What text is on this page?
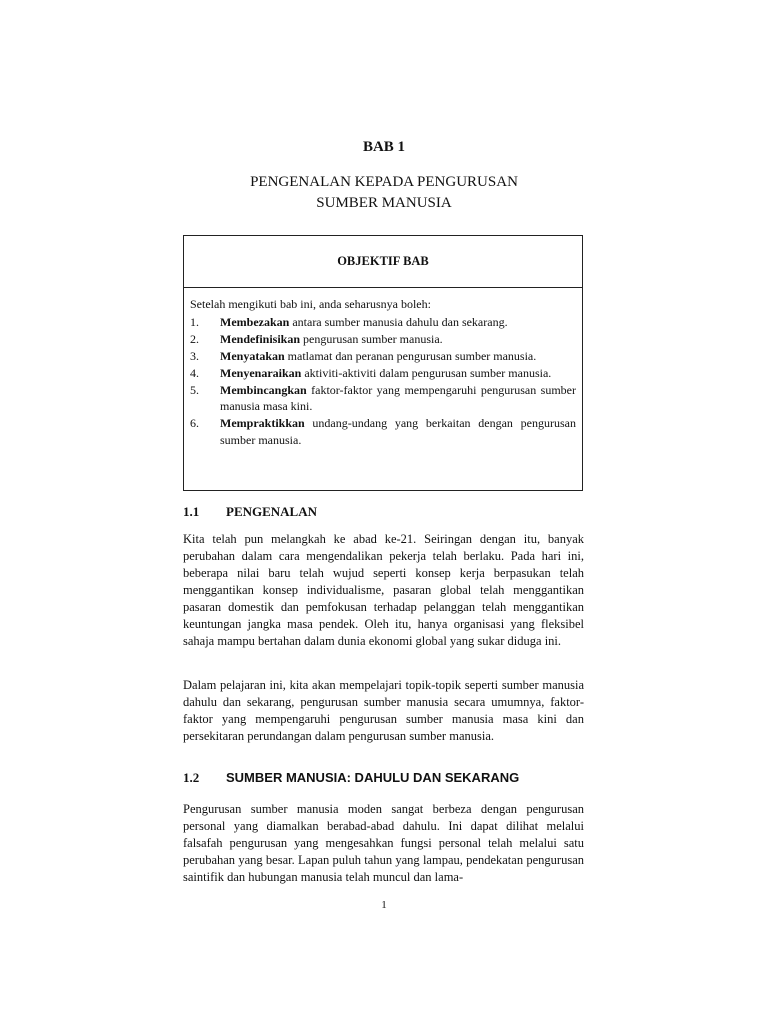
BAB 1
PENGENALAN KEPADA PENGURUSAN
SUMBER MANUSIA
OBJEKTIF BAB

Setelah mengikuti bab ini, anda seharusnya boleh:

1.	Membezakan antara sumber manusia dahulu dan sekarang.
2.	Mendefinisikan pengurusan sumber manusia.
3.	Menyatakan matlamat dan peranan pengurusan sumber manusia.
4.	Menyenaraikan aktiviti-aktiviti dalam pengurusan sumber manusia.
5.	Membincangkan faktor-faktor yang mempengaruhi pengurusan sumber manusia masa kini.
6.	Mempraktikkan undang-undang yang berkaitan dengan pengurusan sumber manusia.
1.1	PENGENALAN

Kita telah pun melangkah ke abad ke-21. Seiringan dengan itu, banyak perubahan dalam cara mengendalikan pekerja telah berlaku. Pada hari ini, beberapa nilai baru telah wujud seperti konsep kerja berpasukan telah menggantikan konsep individualisme, pasaran global telah menggantikan pasaran domestik dan pemfokusan terhadap pelanggan telah menggantikan keuntungan jangka masa pendek. Oleh itu, hanya organisasi yang fleksibel sahaja mampu bertahan dalam dunia ekonomi global yang sukar diduga ini.

Dalam pelajaran ini, kita akan mempelajari topik-topik seperti sumber manusia dahulu dan sekarang, pengurusan sumber manusia secara umumnya, faktor-faktor yang mempengaruhi pengurusan sumber manusia masa kini dan persekitaran perundangan dalam pengurusan sumber manusia.

1.2	SUMBER MANUSIA: DAHULU DAN SEKARANG

Pengurusan sumber manusia moden sangat berbeza dengan pengurusan personal yang diamalkan berabad-abad dahulu. Ini dapat dilihat melalui falsafah pengurusan yang mengesahkan fungsi personal telah melalui satu perubahan yang besar. Lapan puluh tahun yang lampau, pendekatan pengurusan saintifik dan hubungan manusia telah muncul dan lama-

1
